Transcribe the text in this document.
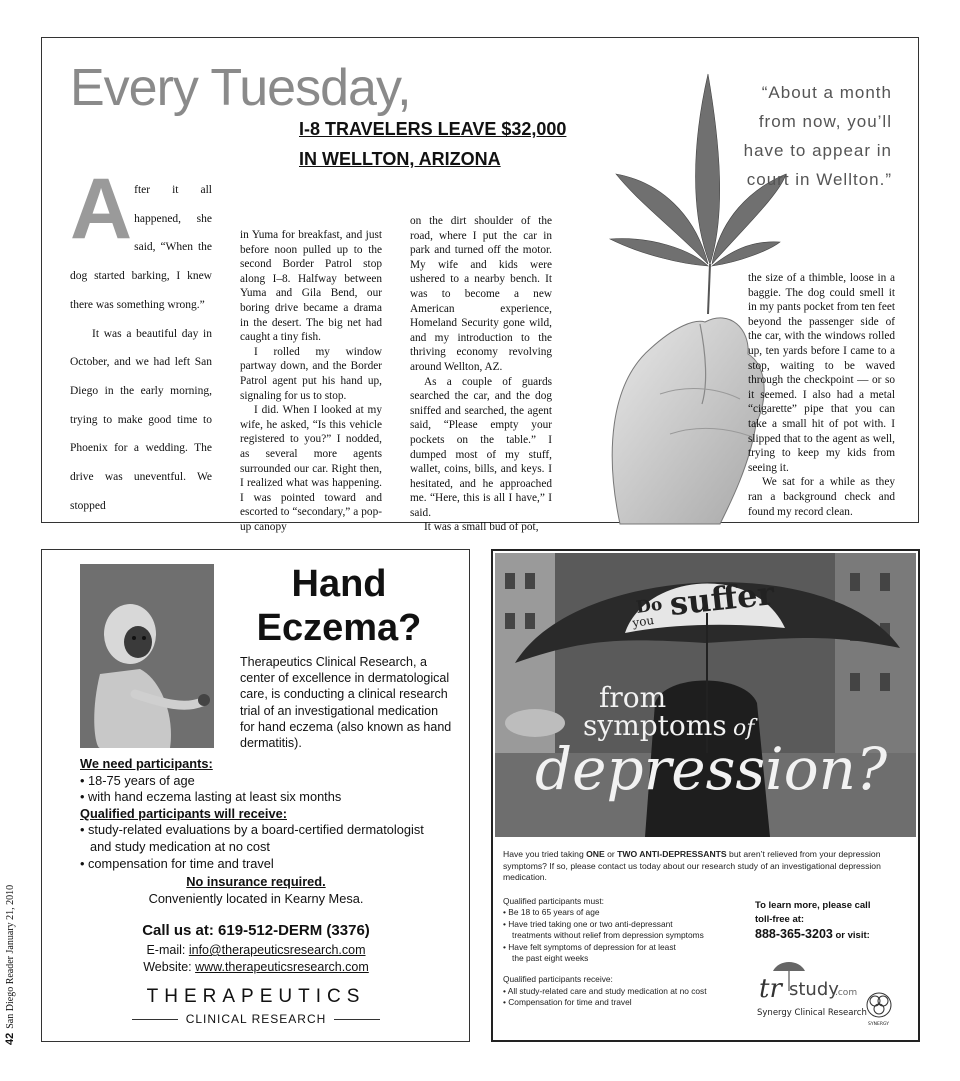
Every Tuesday,
I-8 TRAVELERS LEAVE $32,000
IN WELLTON, ARIZONA
“About a month from now, you’ll have to appear in court in Wellton.”
A fter it all happened, she said, “When the dog started barking, I knew there was something wrong.”

It was a beautiful day in October, and we had left San Diego in the early morning, trying to make good time to Phoenix for a wedding. The drive was uneventful. We stopped

in Yuma for breakfast, and just before noon pulled up to the second Border Patrol stop along I–8. Halfway between Yuma and Gila Bend, our boring drive became a drama in the desert. The big net had caught a tiny fish.

I rolled my window partway down, and the Border Patrol agent put his hand up, signaling for us to stop.

I did. When I looked at my wife, he asked, “Is this vehicle registered to you?” I nodded, as several more agents surrounded our car. Right then, I realized what was happening. I was pointed toward and escorted to “secondary,” a pop-up canopy

on the dirt shoulder of the road, where I put the car in park and turned off the motor. My wife and kids were ushered to a nearby bench. It was to become a new American experience, Homeland Security gone wild, and my introduction to the thriving economy revolving around Wellton, AZ.

As a couple of guards searched the car, and the dog sniffed and searched, the agent said, “Please empty your pockets on the table.” I dumped most of my stuff, wallet, coins, bills, and keys. I hesitated, and he approached me. “Here, this is all I have,” I said.

It was a small bud of pot,

the size of a thimble, loose in a baggie. The dog could smell it in my pants pocket from ten feet beyond the passenger side of the car, with the windows rolled up, ten yards before I came to a stop, waiting to be waved through the checkpoint — or so it seemed. I also had a metal “cigarette” pipe that you can take a small hit of pot with. I slipped that to the agent as well, trying to keep my kids from seeing it.

We sat for a while as they ran a background check and found my record clean.

Hand
Eczema?
Therapeutics Clinical Research, a center of excellence in dermatological care, is conducting a clinical research trial of an investigational medication for hand eczema (also known as hand dermatitis).
We need participants:
• 18-75 years of age
• with hand eczema lasting at least six months
Qualified participants will receive:
• study-related evaluations by a board-certified dermatologist
and study medication at no cost
• compensation for time and travel
No insurance required.
Conveniently located in Kearny Mesa.
Call us at: 619-512-DERM (3376)
E-mail: info@therapeuticsresearch.com
Website: www.therapeuticsresearch.com
THERAPEUTICS
CLINICAL RESEARCH
Do
you suffer
from
symptoms of
depression?
Have you tried taking ONE or TWO ANTI-DEPRESSANTS but aren’t relieved from your depression symptoms? If so, please contact us today about our research study of an investigational depression medication.
Qualified participants must:
• Be 18 to 65 years of age
• Have tried taking one or two anti-depressant
treatments without relief from depression symptoms
• Have felt symptoms of depression for at least
the past eight weeks
Qualified participants receive:
• All study-related care and study medication at no cost
• Compensation for time and travel
To learn more, please call
toll-free at:
888-365-3203 or visit:
tr study
.com
Synergy Clinical Research
SYNERGY
42San Diego Reader January 21, 2010
